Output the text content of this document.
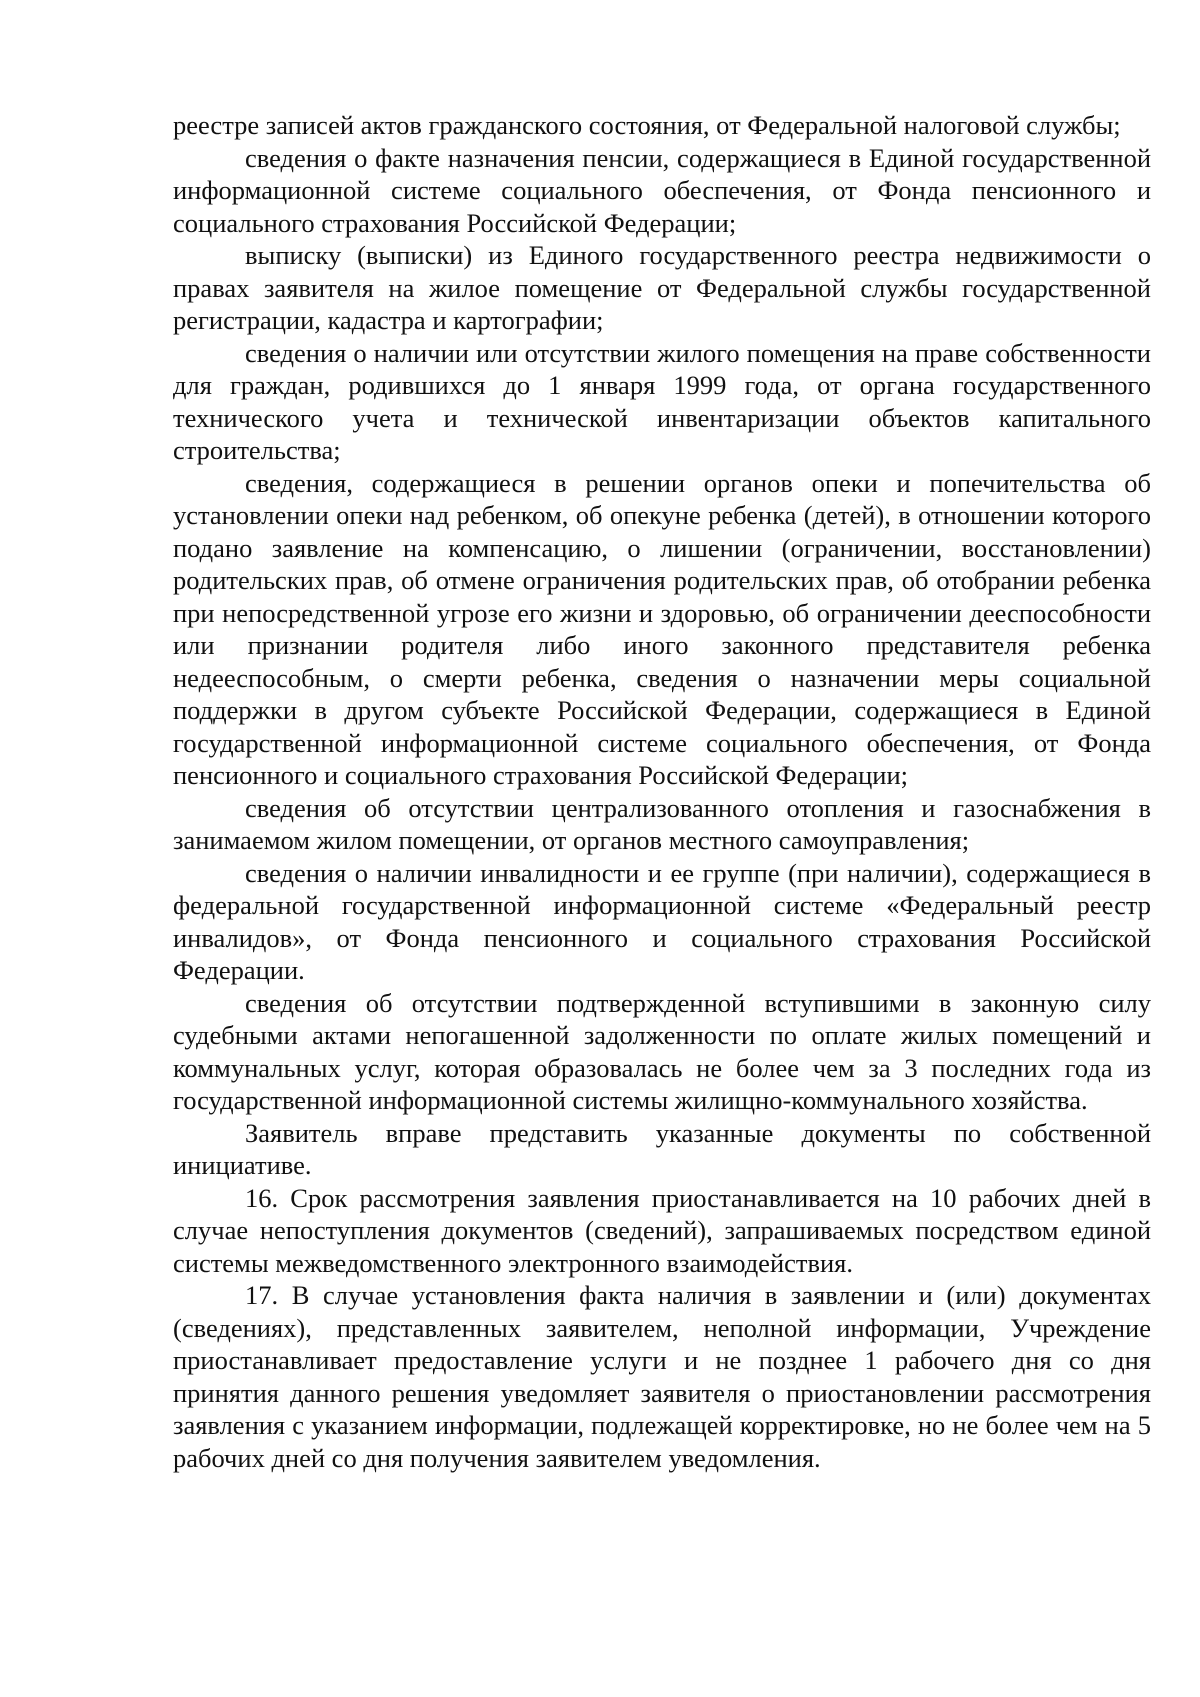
реестре записей актов гражданского состояния, от Федеральной налоговой службы;

сведения о факте назначения пенсии, содержащиеся в Единой государственной информационной системе социального обеспечения, от Фонда пенсионного и социального страхования Российской Федерации;

выписку (выписки) из Единого государственного реестра недвижимости о правах заявителя на жилое помещение от Федеральной службы государственной регистрации, кадастра и картографии;

сведения о наличии или отсутствии жилого помещения на праве собственности для граждан, родившихся до 1 января 1999 года, от органа государственного технического учета и технической инвентаризации объектов капитального строительства;

сведения, содержащиеся в решении органов опеки и попечительства об установлении опеки над ребенком, об опекуне ребенка (детей), в отношении которого подано заявление на компенсацию, о лишении (ограничении, восстановлении) родительских прав, об отмене ограничения родительских прав, об отобрании ребенка при непосредственной угрозе его жизни и здоровью, об ограничении дееспособности или признании родителя либо иного законного представителя ребенка недееспособным, о смерти ребенка, сведения о назначении меры социальной поддержки в другом субъекте Российской Федерации, содержащиеся в Единой государственной информационной системе социального обеспечения, от Фонда пенсионного и социального страхования Российской Федерации;

сведения об отсутствии централизованного отопления и газоснабжения в занимаемом жилом помещении, от органов местного самоуправления;

сведения о наличии инвалидности и ее группе (при наличии), содержащиеся в федеральной государственной информационной системе «Федеральный реестр инвалидов», от Фонда пенсионного и социального страхования Российской Федерации.

сведения об отсутствии подтвержденной вступившими в законную силу судебными актами непогашенной задолженности по оплате жилых помещений и коммунальных услуг, которая образовалась не более чем за 3 последних года из государственной информационной системы жилищно-коммунального хозяйства.

Заявитель вправе представить указанные документы по собственной инициативе.

16. Срок рассмотрения заявления приостанавливается на 10 рабочих дней в случае непоступления документов (сведений), запрашиваемых посредством единой системы межведомственного электронного взаимодействия.

17. В случае установления факта наличия в заявлении и (или) документах (сведениях), представленных заявителем, неполной информации, Учреждение приостанавливает предоставление услуги и не позднее 1 рабочего дня со дня принятия данного решения уведомляет заявителя о приостановлении рассмотрения заявления с указанием информации, подлежащей корректировке, но не более чем на 5 рабочих дней со дня получения заявителем уведомления.
